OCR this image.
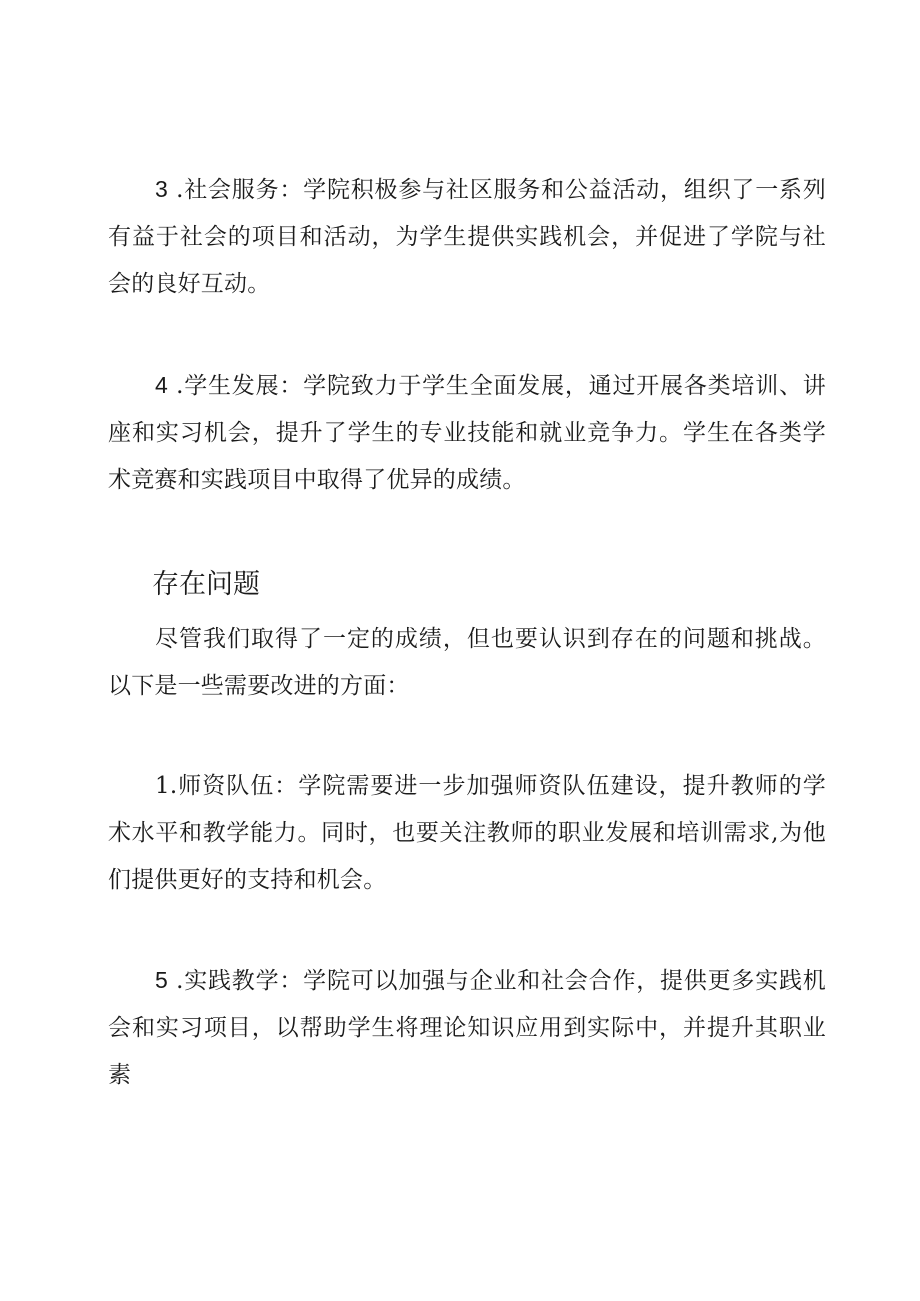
3 .社会服务：学院积极参与社区服务和公益活动，组织了一系列有益于社会的项目和活动，为学生提供实践机会，并促进了学院与社会的良好互动。

4 .学生发展：学院致力于学生全面发展，通过开展各类培训、讲座和实习机会，提升了学生的专业技能和就业竞争力。学生在各类学术竞赛和实践项目中取得了优异的成绩。

存在问题

尽管我们取得了一定的成绩，但也要认识到存在的问题和挑战。以下是一些需要改进的方面：

1.师资队伍：学院需要进一步加强师资队伍建设，提升教师的学术水平和教学能力。同时，也要关注教师的职业发展和培训需求,为他们提供更好的支持和机会。

5 .实践教学：学院可以加强与企业和社会合作，提供更多实践机会和实习项目，以帮助学生将理论知识应用到实际中，并提升其职业素
